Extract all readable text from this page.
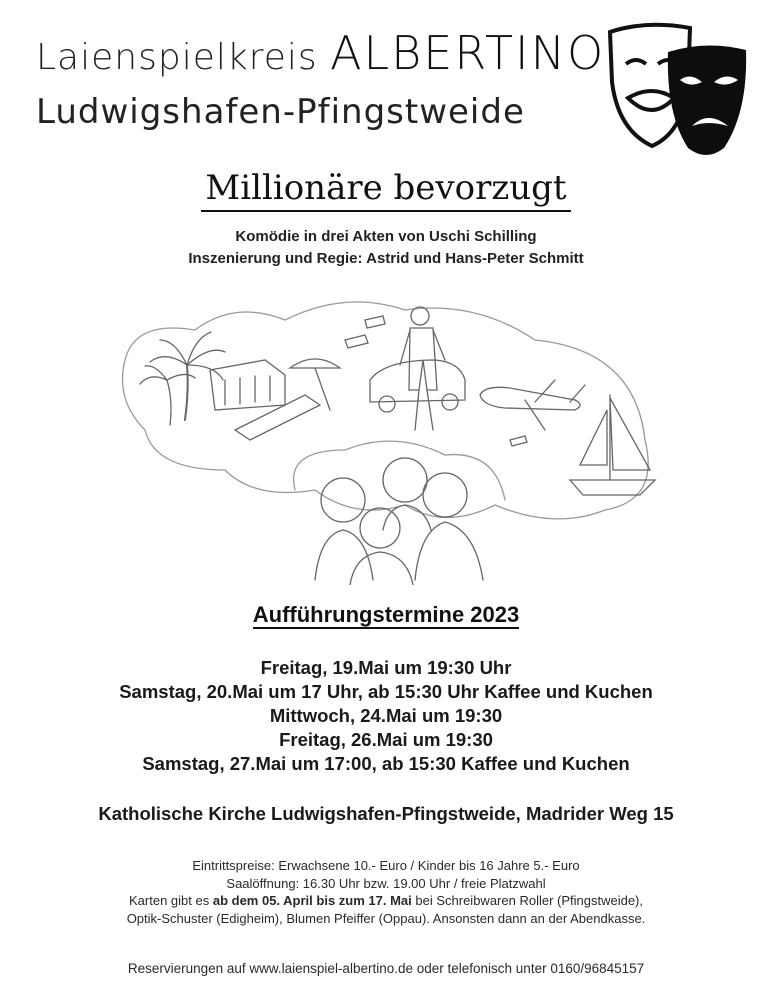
Laienspielkreis ALBERTINO
Ludwigshafen-Pfingstweide
Millionäre bevorzugt
Komödie in drei Akten von Uschi Schilling
Inszenierung und Regie: Astrid und Hans-Peter Schmitt
Aufführungstermine 2023
Freitag, 19.Mai um 19:30 Uhr
Samstag, 20.Mai um 17 Uhr, ab 15:30 Uhr Kaffee und Kuchen
Mittwoch, 24.Mai um 19:30
Freitag, 26.Mai um 19:30
Samstag, 27.Mai um 17:00, ab 15:30 Kaffee und Kuchen
Katholische Kirche Ludwigshafen-Pfingstweide, Madrider Weg 15
Eintrittspreise: Erwachsene 10.- Euro / Kinder bis 16 Jahre 5.- Euro
Saalöffnung: 16.30 Uhr bzw. 19.00 Uhr / freie Platzwahl
Karten gibt es ab dem 05. April bis zum 17. Mai bei Schreibwaren Roller (Pfingstweide),
Optik-Schuster (Edigheim), Blumen Pfeiffer (Oppau). Ansonsten dann an der Abendkasse.
Reservierungen auf www.laienspiel-albertino.de oder telefonisch unter 0160/96845157
